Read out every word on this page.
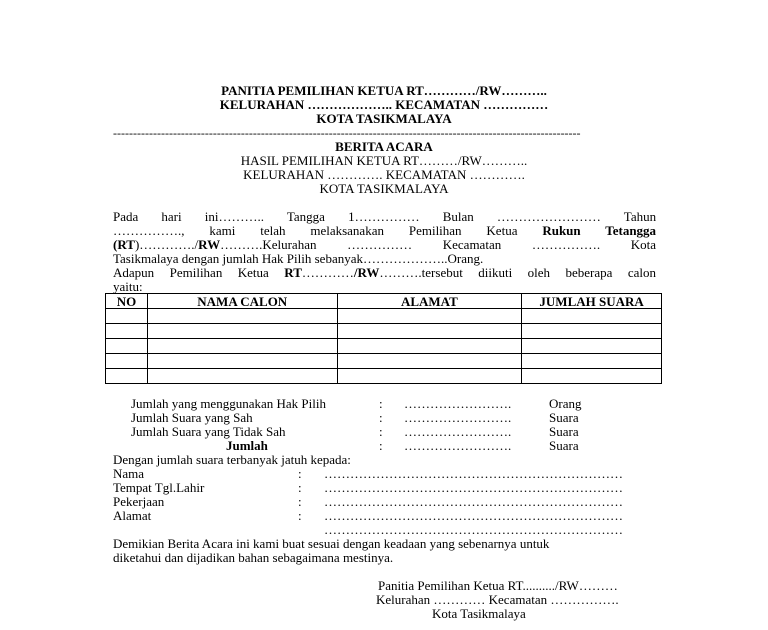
PANITIA PEMILIHAN KETUA RT…………/RW………..
KELURAHAN ……………….. KECAMATAN ……………
KOTA TASIKMALAYA
---------------------------------------------------------------------------------------------------------------------
BERITA ACARA
HASIL PEMILIHAN KETUA RT………/RW………..
KELURAHAN …………. KECAMATAN ………….
KOTA TASIKMALAYA
Pada hari ini……….. Tangga 1…………… Bulan …………………… Tahun
……………., kami telah melaksanakan Pemilihan Ketua Rukun Tetangga
(RT)…………./RW……….Kelurahan …………… Kecamatan ……………. Kota
Tasikmalaya dengan jumlah Hak Pilih sebanyak………………..Orang.
Adapun Pemilihan Ketua RT…………/RW……….tersebut diikuti oleh beberapa calon
yaitu:
NO	NAMA CALON	ALAMAT	JUMLAH SUARA

Jumlah yang menggunakan Hak Pilih	: …………………….	Orang
Jumlah Suara yang Sah	: …………………….	Suara
Jumlah Suara yang Tidak Sah	: …………………….	Suara
Jumlah	: …………………….	Suara
Dengan jumlah suara terbanyak jatuh kepada:
Nama	: ……………………………………………………………
Tempat Tgl.Lahir	: ……………………………………………………………
Pekerjaan	: ……………………………………………………………
Alamat	: ……………………………………………………………
……………………………………………………………
Demikian Berita Acara ini kami buat sesuai dengan keadaan yang sebenarnya untuk
diketahui dan dijadikan bahan sebagaimana mestinya.
Panitia Pemilihan Ketua RT........../RW………
Kelurahan ………… Kecamatan …………….
Kota Tasikmalaya
